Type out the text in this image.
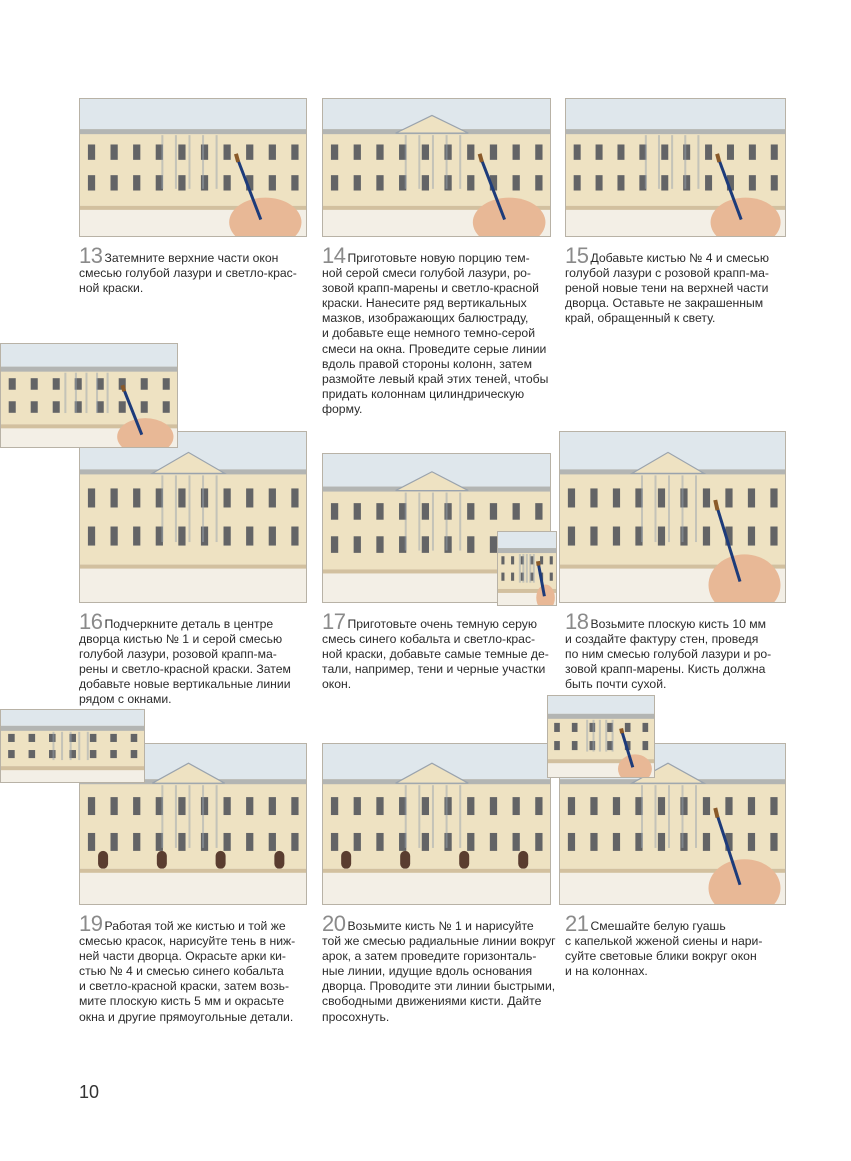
13 Затемните верхние части окон
смесью голубой лазури и светло-крас-
ной краски.
14 Приготовьте новую порцию тем-
ной серой смеси голубой лазури, ро-
зовой крапп-марены и светло-красной
краски. Нанесите ряд вертикальных
мазков, изображающих балюстраду,
и добавьте еще немного темно-серой
смеси на окна. Проведите серые линии
вдоль правой стороны колонн, затем
размойте левый край этих теней, чтобы
придать колоннам цилиндрическую
форму.
15 Добавьте кистью № 4 и смесью
голубой лазури с розовой крапп-ма-
реной новые тени на верхней части
дворца. Оставьте не закрашенным
край, обращенный к свету.
16 Подчеркните деталь в центре
дворца кистью № 1 и серой смесью
голубой лазури, розовой крапп-ма-
рены и светло-красной краски. Затем
добавьте новые вертикальные линии
рядом с окнами.
17 Приготовьте очень темную серую
смесь синего кобальта и светло-крас-
ной краски, добавьте самые темные де-
тали, например, тени и черные участки
окон.
18 Возьмите плоскую кисть 10 мм
и создайте фактуру стен, проведя
по ним смесью голубой лазури и ро-
зовой крапп-марены. Кисть должна
быть почти сухой.
19 Работая той же кистью и той же
смесью красок, нарисуйте тень в ниж-
ней части дворца. Окрасьте арки ки-
стью № 4 и смесью синего кобальта
и светло-красной краски, затем возь-
мите плоскую кисть 5 мм и окрасьте
окна и другие прямоугольные детали.
20 Возьмите кисть № 1 и нарисуйте
той же смесью радиальные линии вокруг
арок, а затем проведите горизонталь-
ные линии, идущие вдоль основания
дворца. Проводите эти линии быстрыми,
свободными движениями кисти. Дайте
просохнуть.
21 Смешайте белую гуашь
с капелькой жженой сиены и нари-
суйте световые блики вокруг окон
и на колоннах.
10
